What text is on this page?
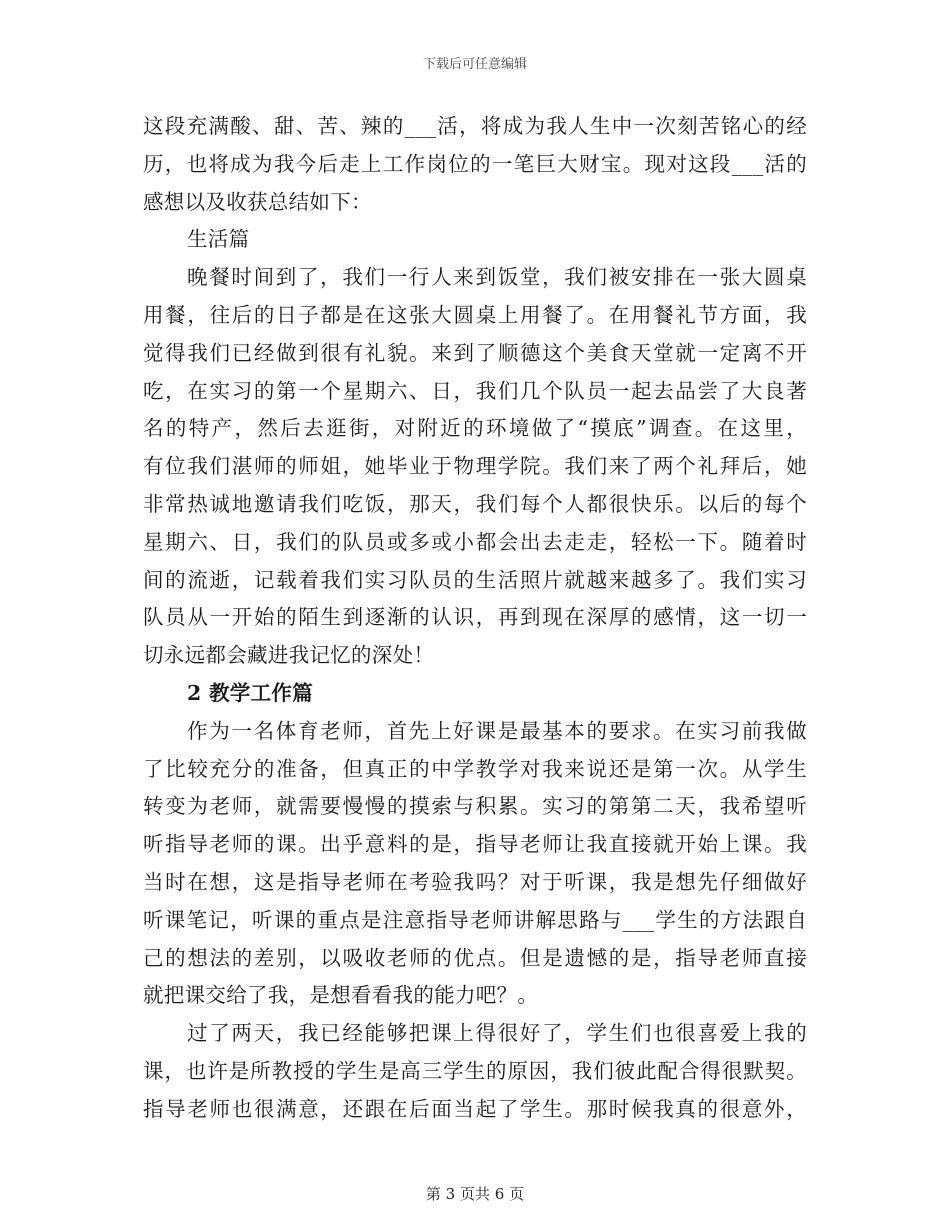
下载后可任意编辑
这段充满酸、甜、苦、辣的___活，将成为我人生中一次刻苦铭心的经
历，也将成为我今后走上工作岗位的一笔巨大财宝。现对这段___活的
感想以及收获总结如下：
生活篇
晚餐时间到了，我们一行人来到饭堂，我们被安排在一张大圆桌
用餐，往后的日子都是在这张大圆桌上用餐了。在用餐礼节方面，我
觉得我们已经做到很有礼貌。来到了顺德这个美食天堂就一定离不开
吃，在实习的第一个星期六、日，我们几个队员一起去品尝了大良著
名的特产，然后去逛街，对附近的环境做了“摸底”调查。在这里，
有位我们湛师的师姐，她毕业于物理学院。我们来了两个礼拜后，她
非常热诚地邀请我们吃饭，那天，我们每个人都很快乐。以后的每个
星期六、日，我们的队员或多或小都会出去走走，轻松一下。随着时
间的流逝，记载着我们实习队员的生活照片就越来越多了。我们实习
队员从一开始的陌生到逐渐的认识，再到现在深厚的感情，这一切一
切永远都会藏进我记忆的深处！
2 教学工作篇
作为一名体育老师，首先上好课是最基本的要求。在实习前我做
了比较充分的准备，但真正的中学教学对我来说还是第一次。从学生
转变为老师，就需要慢慢的摸索与积累。实习的第第二天，我希望听
听指导老师的课。出乎意料的是，指导老师让我直接就开始上课。我
当时在想，这是指导老师在考验我吗？对于听课，我是想先仔细做好
听课笔记，听课的重点是注意指导老师讲解思路与___学生的方法跟自
己的想法的差别，以吸收老师的优点。但是遗憾的是，指导老师直接
就把课交给了我，是想看看我的能力吧？。
过了两天，我已经能够把课上得很好了，学生们也很喜爱上我的
课，也许是所教授的学生是高三学生的原因，我们彼此配合得很默契。
指导老师也很满意，还跟在后面当起了学生。那时候我真的很意外，
第 3 页共 6 页
